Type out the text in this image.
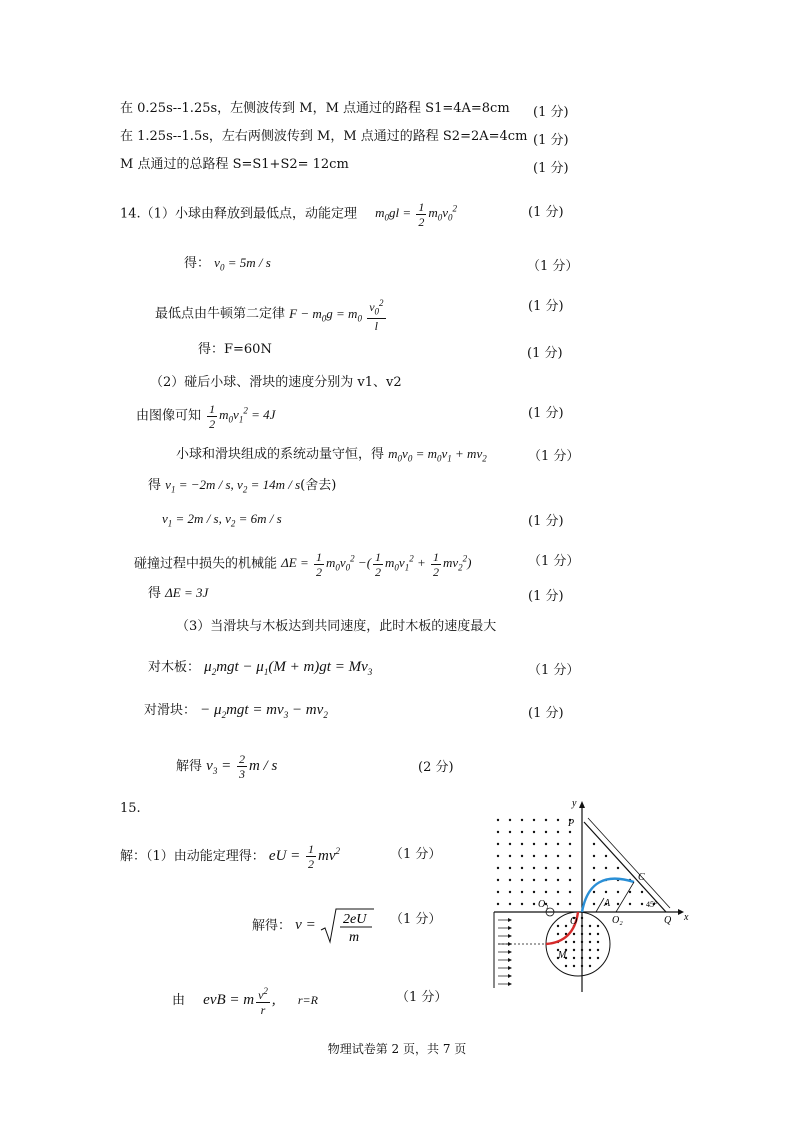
在 0.25s--1.25s，左侧波传到 M，M 点通过的路程 S1=4A=8cm (1 分)
在 1.25s--1.5s，左右两侧波传到 M，M 点通过的路程 S2=2A=4cm (1 分)
M 点通过的总路程 S=S1+S2= 12cm	(1 分)
14.（1）小球由释放到最低点，动能定理 $m_0gl = \frac{1}{2} m_0v_0^2$	(1 分)
得： $v_0 = 5m / s$	（1 分）
最低点由牛顿第二定律 $F - m_0g = m_0 \frac{v_0^2}{l}$	(1 分)
得：F=60N	(1 分)
（2）碰后小球、滑块的速度分别为 v1、v2
由图像可知 $\frac{1}{2} m_0v_1^2 = 4J$	(1 分)
小球和滑块组成的系统动量守恒，得 $m_0v_0 = m_0v_1 + mv_2$	（1 分）
得 $v_1 = -2m / s$, $v_2 = 14m / s$(舍去)
$v_1 = 2m / s$, $v_2 = 6m / s$	(1 分)
碰撞过程中损失的机械能 $\Delta E = \frac{1}{2} m_0v_0^2$ −( $\frac{1}{2} m_0v_1^2 + \frac{1}{2} mv_2^2$)	（1 分）
得 ΔE = 3J	(1 分)
（3）当滑块与木板达到共同速度，此时木板的速度最大
对木板： $\mu_2mgt - \mu_1(M + m)gt = Mv_3$	（1 分）
对滑块： − $\mu_2mgt = mv_3 - mv_2$	(1 分)
解得 $v_3 = \frac{2}{3}$ m / s	(2 分)
15.
解：（1）由动能定理得： eU = $\frac{1}{2} mv^2$	（1 分）
解得： v = 2eU
m
（1 分）
由 evB = m $\frac{v^2}{r}$ , r=R	（1 分）
y
x
P
C
O₁
O
A
O₂	Q
M
45°
物理试卷第 2 页，共 7 页
